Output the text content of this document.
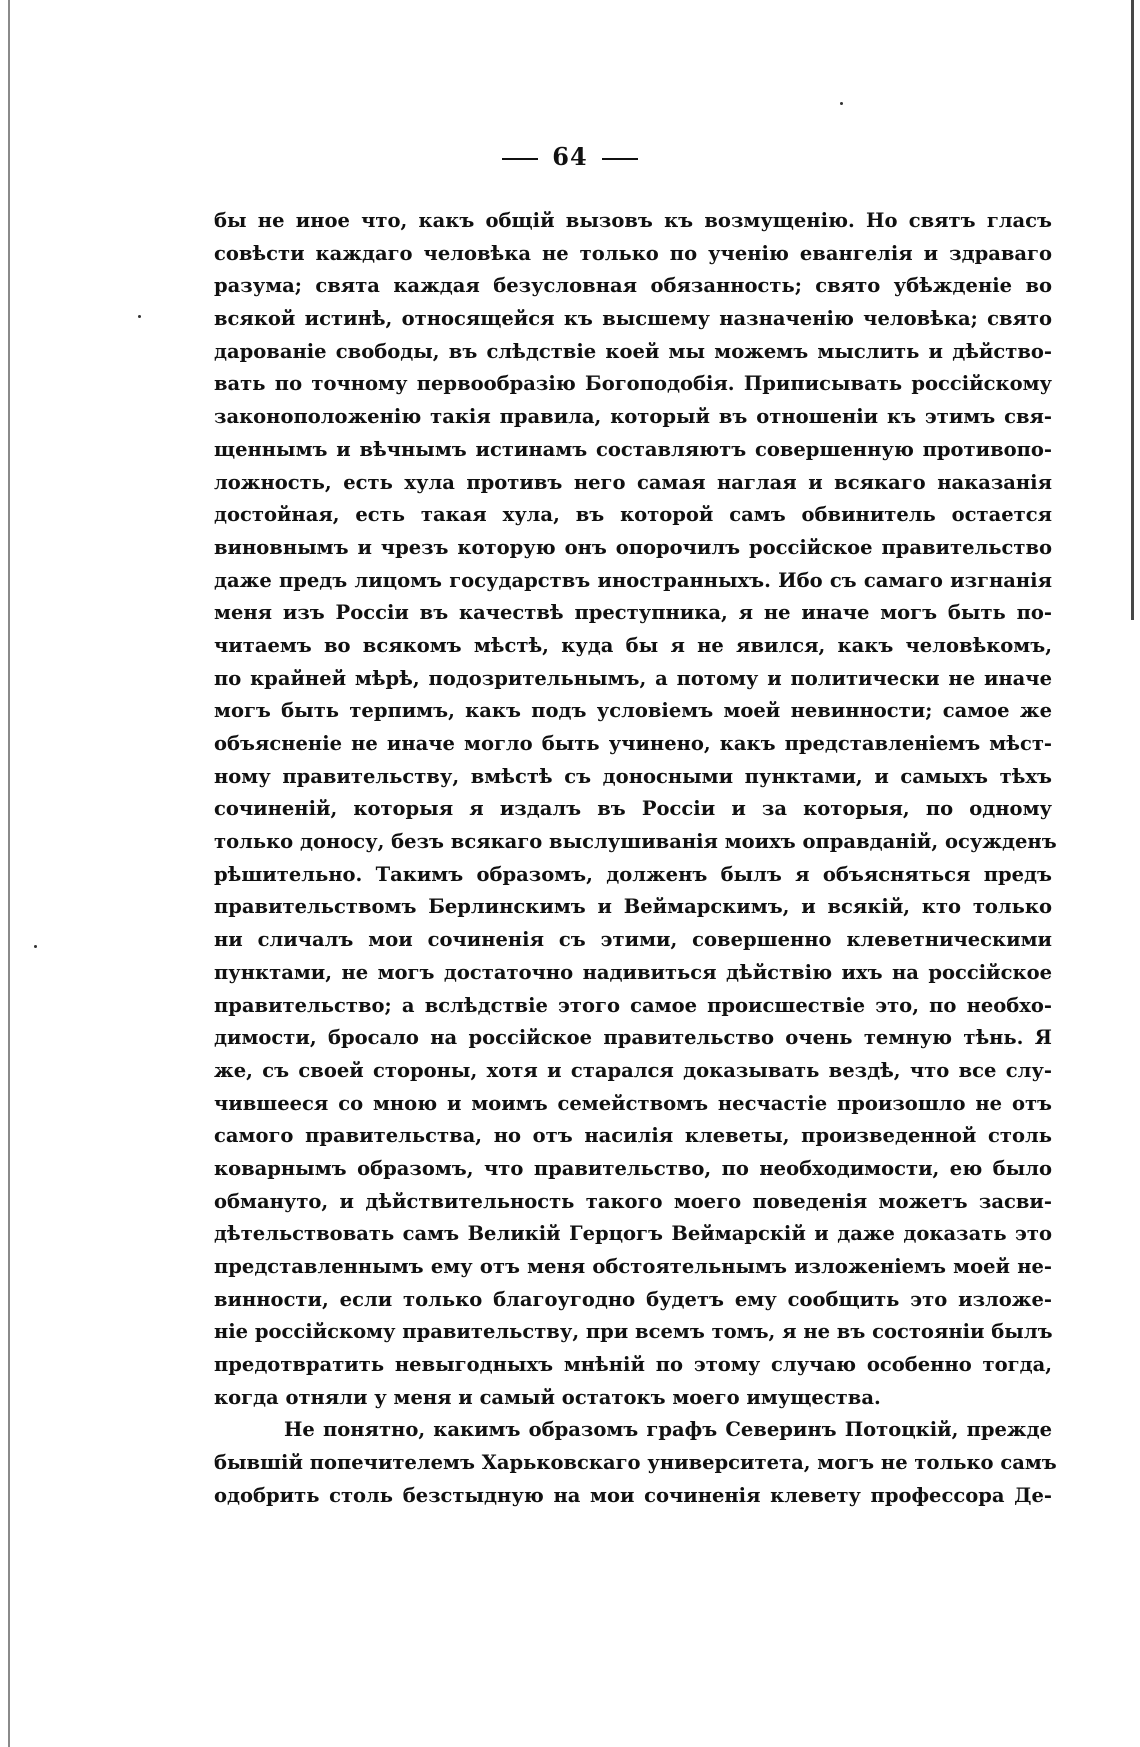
64
бы не иное что, какъ общій вызовъ къ возмущенію. Но святъ гласъ
совѣсти каждаго человѣка не только по ученію евангелія и здраваго
разума; свята каждая безусловная обязанность; свято убѣжденіе во
всякой истинѣ, относящейся къ высшему назначенію человѣка; свято
дарованіе свободы, въ слѣдствіе коей мы можемъ мыслить и дѣйство-
вать по точному первообразію Богоподобія. Приписывать россійскому
законоположенію такія правила, который въ отношеніи къ этимъ свя-
щеннымъ и вѣчнымъ истинамъ составляютъ совершенную противопо-
ложность, есть хула противъ него самая наглая и всякаго наказанія
достойная, есть такая хула, въ которой самъ обвинитель остается
виновнымъ и чрезъ которую онъ опорочилъ россійское правительство
даже предъ лицомъ государствъ иностранныхъ. Ибо съ самаго изгнанія
меня изъ Россіи въ качествѣ преступника, я не иначе могъ быть по-
читаемъ во всякомъ мѣстѣ, куда бы я не явился, какъ человѣкомъ,
по крайней мѣрѣ, подозрительнымъ, а потому и политически не иначе
могъ быть терпимъ, какъ подъ условіемъ моей невинности; самое же
объясненіе не иначе могло быть учинено, какъ представленіемъ мѣст-
ному правительству, вмѣстѣ съ доносными пунктами, и самыхъ тѣхъ
сочиненій, которыя я издалъ въ Россіи и за которыя, по одному
только доносу, безъ всякаго выслушиванія моихъ оправданій, осужденъ
рѣшительно. Такимъ образомъ, долженъ былъ я объясняться предъ
правительствомъ Берлинскимъ и Веймарскимъ, и всякій, кто только
ни сличалъ мои сочиненія съ этими, совершенно клеветническими
пунктами, не могъ достаточно надивиться дѣйствію ихъ на россійское
правительство; а вслѣдствіе этого самое происшествіе это, по необхо-
димости, бросало на россійское правительство очень темную тѣнь. Я
же, съ своей стороны, хотя и старался доказывать вездѣ, что все слу-
чившееся со мною и моимъ семействомъ несчастіе произошло не отъ
самого правительства, но отъ насилія клеветы, произведенной столь
коварнымъ образомъ, что правительство, по необходимости, ею было
обмануто, и дѣйствительность такого моего поведенія можетъ засви-
дѣтельствовать самъ Великій Герцогъ Веймарскій и даже доказать это
представленнымъ ему отъ меня обстоятельнымъ изложеніемъ моей не-
винности, если только благоугодно будетъ ему сообщить это изложе-
ніе россійскому правительству, при всемъ томъ, я не въ состояніи былъ
предотвратить невыгодныхъ мнѣній по этому случаю особенно тогда,
когда отняли у меня и самый остатокъ моего имущества.
Не понятно, какимъ образомъ графъ Северинъ Потоцкій, прежде
бывшій попечителемъ Харьковскаго университета, могъ не только самъ
одобрить столь безстыдную на мои сочиненія клевету профессора Де-
